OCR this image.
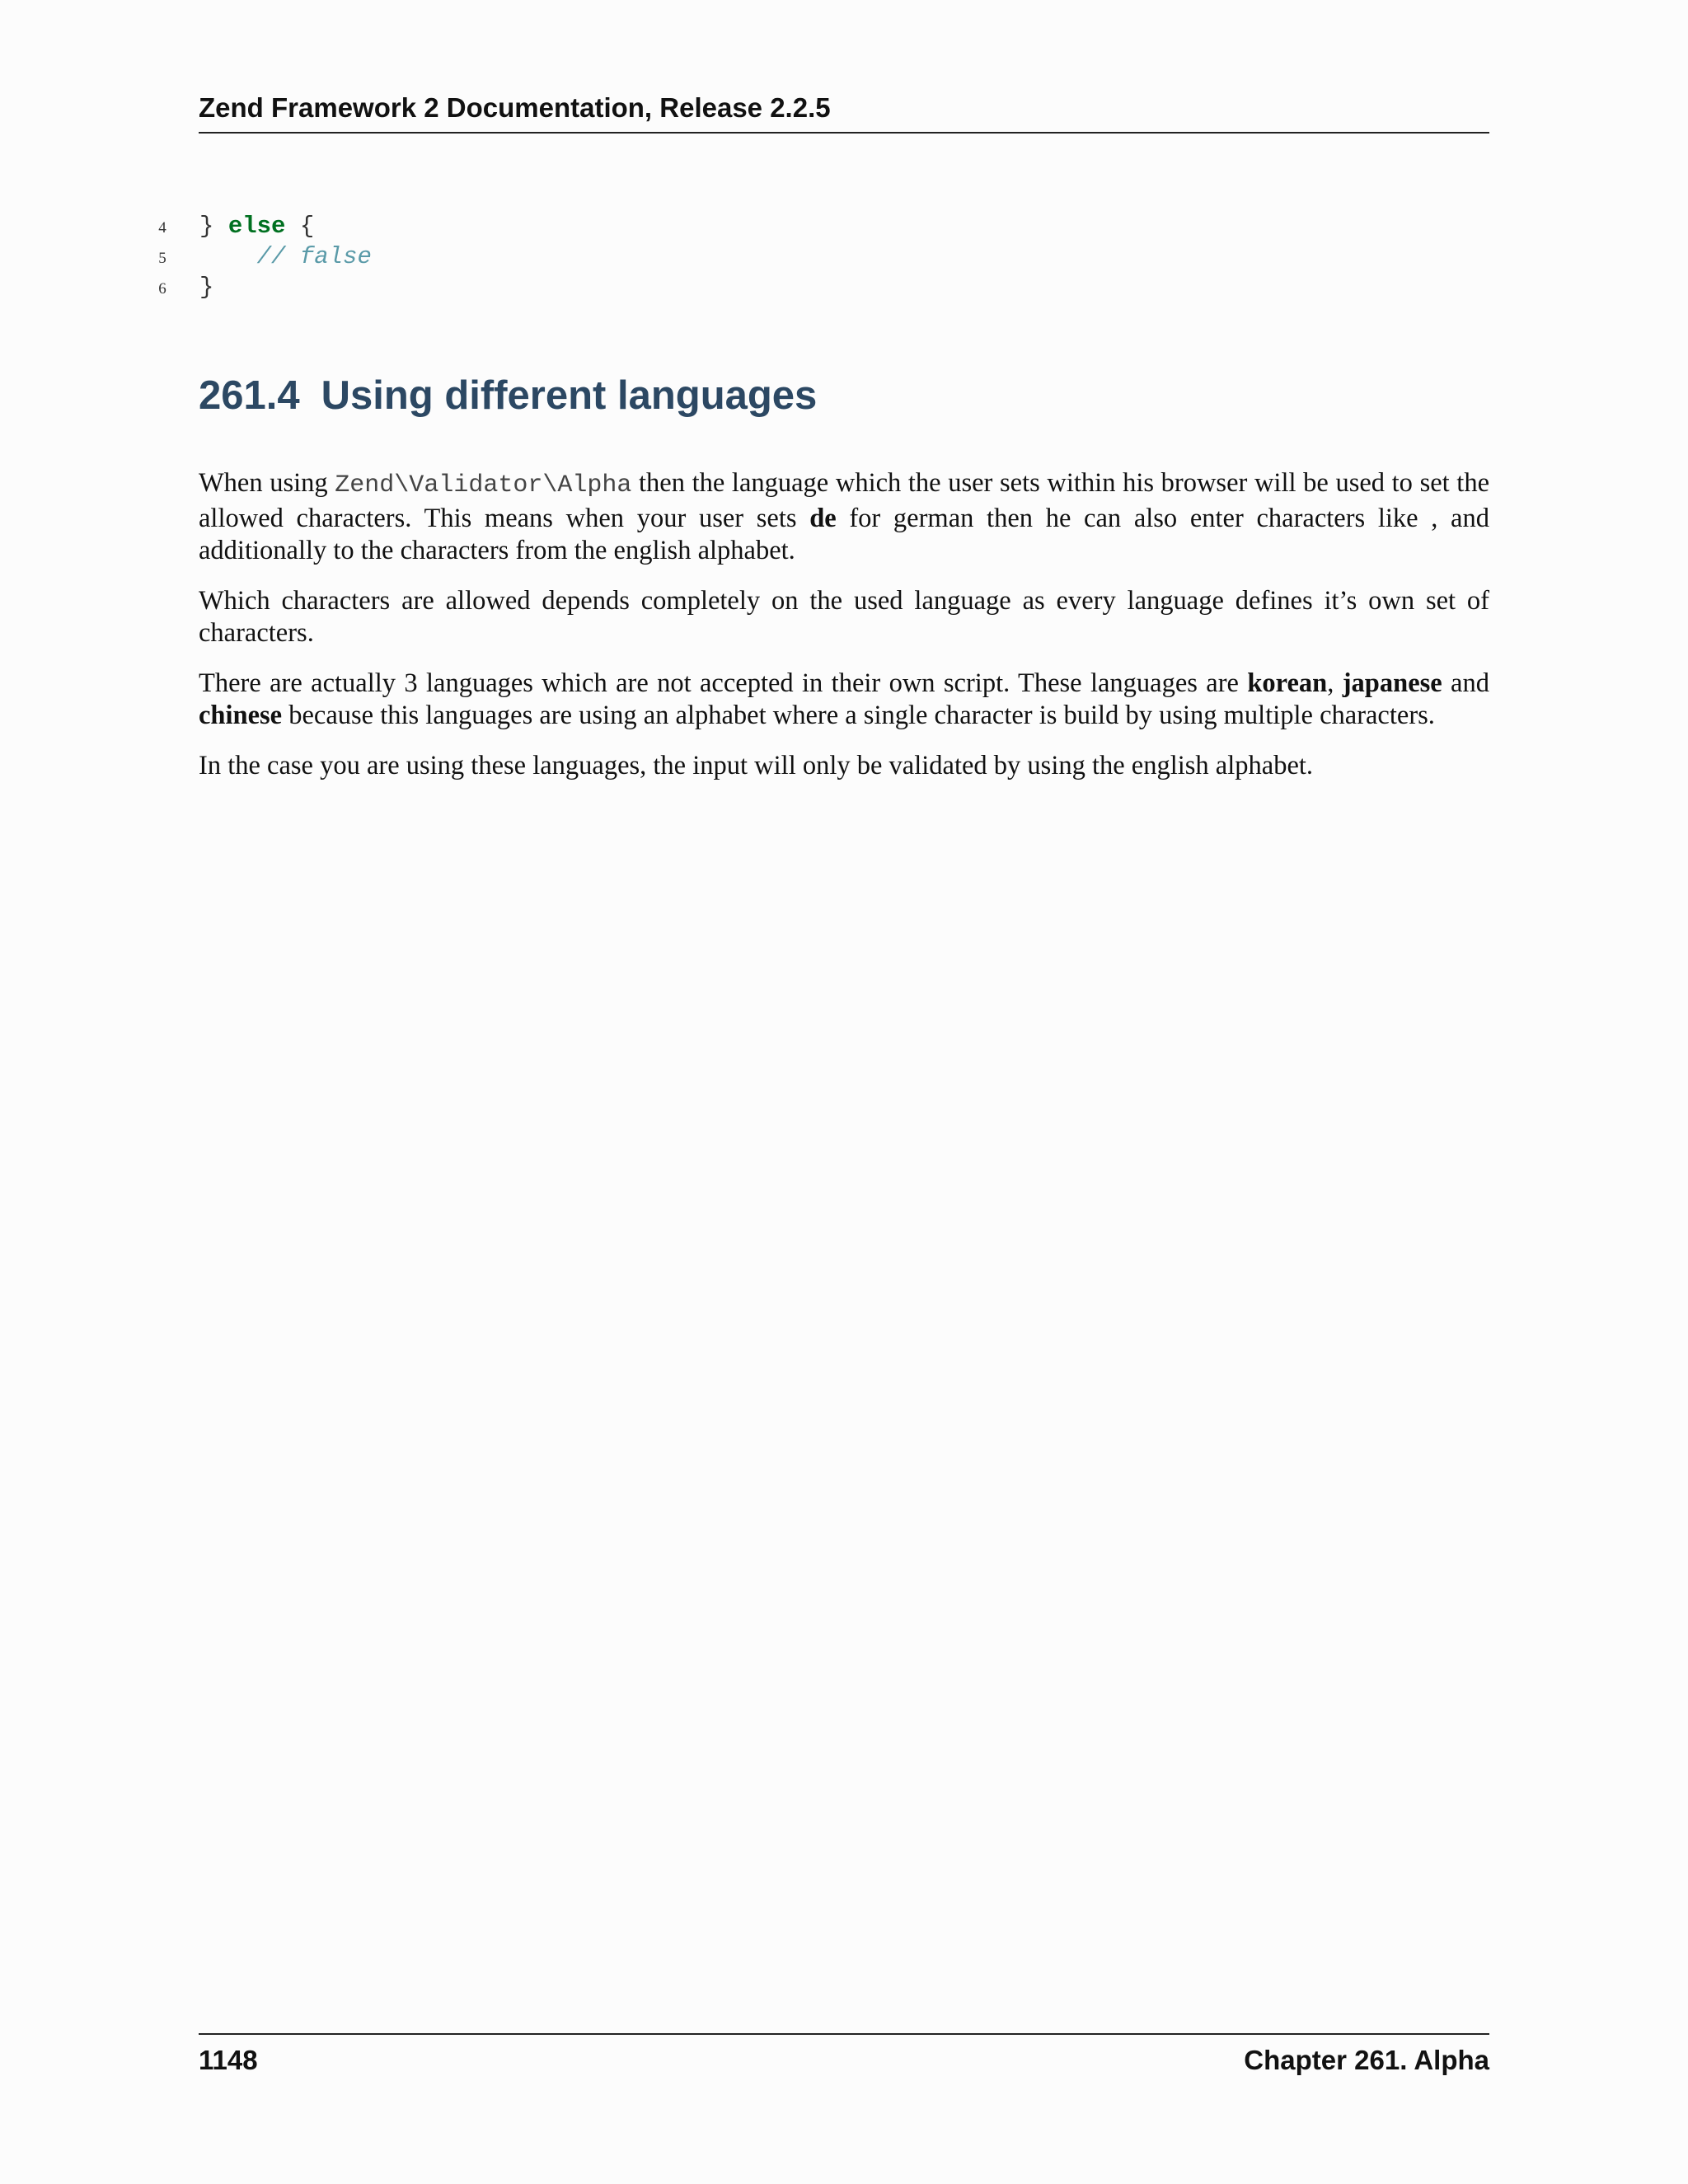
Zend Framework 2 Documentation, Release 2.2.5
4 } else {
5	// false
6 }
261.4 Using different languages

When using Zend\Validator\Alpha then the language which the user sets within his browser will be used to set the allowed characters. This means when your user sets de for german then he can also enter characters like , and additionally to the characters from the english alphabet.

Which characters are allowed depends completely on the used language as every language defines it’s own set of characters.

There are actually 3 languages which are not accepted in their own script. These languages are korean, japanese and chinese because this languages are using an alphabet where a single character is build by using multiple characters.

In the case you are using these languages, the input will only be validated by using the english alphabet.

1148	Chapter 261. Alpha
